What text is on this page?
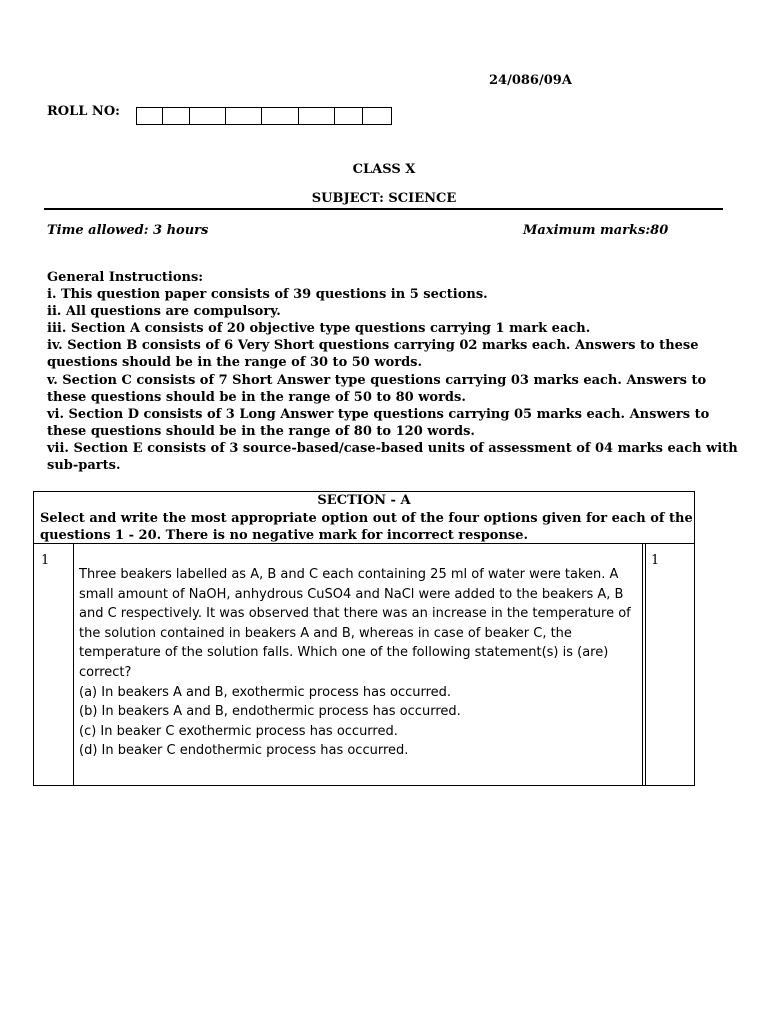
24/086/09A
ROLL NO:
CLASS X
SUBJECT: SCIENCE
Time allowed: 3 hours	Maximum marks:80
General Instructions:
i. This question paper consists of 39 questions in 5 sections.
ii. All questions are compulsory.
iii. Section A consists of 20 objective type questions carrying 1 mark each.
iv. Section B consists of 6 Very Short questions carrying 02 marks each. Answers to these
questions should be in the range of 30 to 50 words.
v. Section C consists of 7 Short Answer type questions carrying 03 marks each. Answers to
these questions should be in the range of 50 to 80 words.
vi. Section D consists of 3 Long Answer type questions carrying 05 marks each. Answers to
these questions should be in the range of 80 to 120 words.
vii. Section E consists of 3 source-based/case-based units of assessment of 04 marks each with
sub-parts.
SECTION - A
Select and write the most appropriate option out of the four options given for each of the
questions 1 - 20. There is no negative mark for incorrect response.
1	1
Three beakers labelled as A, B and C each containing 25 ml of water were taken. A
small amount of NaOH, anhydrous CuSO4 and NaCl were added to the beakers A, B
and C respectively. It was observed that there was an increase in the temperature of
the solution contained in beakers A and B, whereas in case of beaker C, the
temperature of the solution falls. Which one of the following statement(s) is (are)
correct?
(a) In beakers A and B, exothermic process has occurred.
(b) In beakers A and B, endothermic process has occurred.
(c) In beaker C exothermic process has occurred.
(d) In beaker C endothermic process has occurred.
